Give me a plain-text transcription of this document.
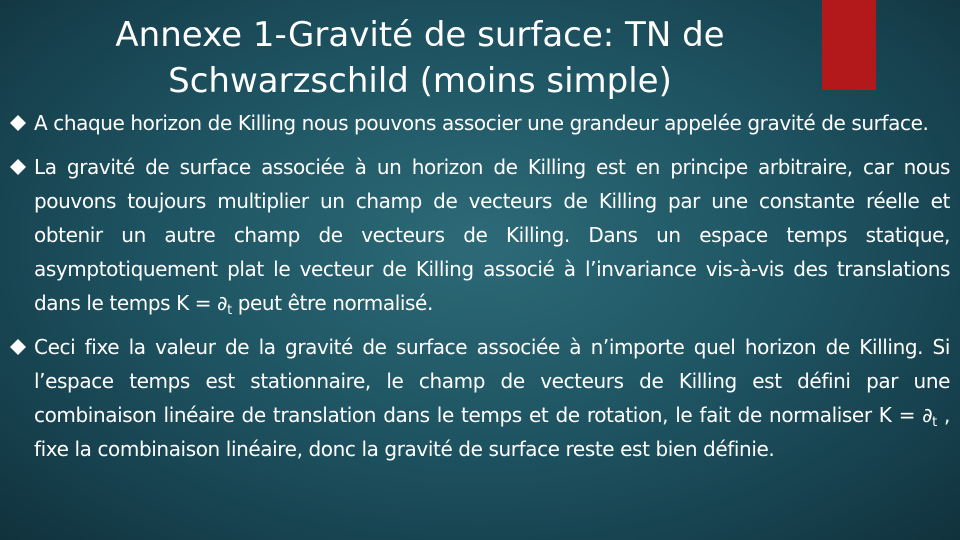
Annexe 1-Gravité de surface: TN de
Schwarzschild (moins simple)
A chaque horizon de Killing nous pouvons associer une grandeur appelée gravité de surface.
La gravité de surface associée à un horizon de Killing est en principe arbitraire, car nous pouvons toujours multiplier un champ de vecteurs de Killing par une constante réelle et obtenir un autre champ de vecteurs de Killing. Dans un espace temps statique, asymptotiquement plat le vecteur de Killing associé à l’invariance vis-à-vis des translations dans le temps $K = \partial_t$ peut être normalisé.
Ceci fixe la valeur de la gravité de surface associée à n’importe quel horizon de Killing. Si l’espace temps est stationnaire, le champ de vecteurs de Killing est défini par une combinaison linéaire de translation dans le temps et de rotation, le fait de normaliser $K = \partial_t$ , fixe la combinaison linéaire, donc la gravité de surface reste est bien définie.
